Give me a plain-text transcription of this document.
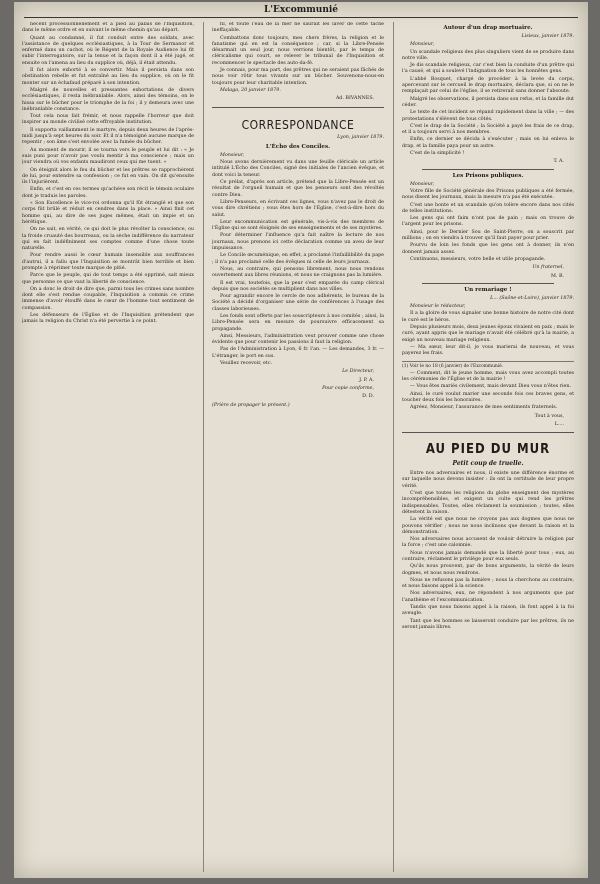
L'Excommunié

nécent processionnellement et à pied au palais de l'Inquisition, dans le même ordre et en suivant le même chemin qu'au départ.

Quant au condamné, il fut conduit entre des soldats, avec l'assistance de quelques ecclésiastiques, à la Tour de Sermanor et enfermé dans un cachot, où le Régent de la Royale Audience lui fit subir l'interrogatoire, sur la tenue et la façon dont il a été jugé, et ensuite on l'amena au lieu du supplice où, déjà, il était attendu.

Il fut alors exhorté à se convertir. Mais il persista dans son obstination rebelle et fut entraîné au lieu du supplice, où on le fit monter sur un échafaud préparé à son intention.

Malgré de nouvelles et pressantes exhortations de divers ecclésiastiques, il resta inébranlable. Alors, ainsi des témoins, on le hissa sur le bûcher pour le triomphe de la foi ; il y demeura avec une inébranlable constance.

Tout cela nous fait frémir, et nous rappelle l'horreur que doit inspirer au monde civilisé cette effroyable institution.

Il supporta vaillamment le martyre, depuis deux heures de l'après-midi jusqu'à sept heures du soir. Et il n'a témoigné aucune marque de repentir ; son âme s'est envolée avec la fumée du bûcher.

Au moment de mourir, il se tourna vers le peuple et lui dit : « Je suis puni pour n'avoir pas voulu mentir à ma conscience ; mais un jour viendra où vos enfants maudiront ceux qui me tuent. »

On éteignit alors le feu du bûcher et les prêtres se rapprochèrent de lui, pour entendre sa confession ; ce fut en vain. On dit qu'ensuite ils l'injurièrent.

Enfin, et c'est en ces termes qu'achève son récit le témoin oculaire dont je traduis les paroles.

« Son Excellence le vice-roi ordonna qu'il fût étranglé et que son corps fût brûlé et réduit en cendres dans la place. » Ainsi finit cet homme qui, au dire de ses juges mêmes, était un impie et un hérétique.

On ne sait, en vérité, ce qui doit le plus révolter la conscience, ou la froide cruauté des bourreaux, ou la sèche indifférence du narrateur qui en fait indéfiniment ses comptes comme d'une chose toute naturelle.

Pour rendre aussi le cœur humain insensible aux souffrances d'autrui, il a fallu que l'Inquisition se montrât bien terrible et bien prompte à réprimer toute marque de pitié.

Parce que le peuple, qui de tout temps a été opprimé, sait mieux que personne ce que vaut la liberté de conscience.

On a donc le droit de dire que, parmi tous les crimes sans nombre dont elle s'est rendue coupable, l'Inquisition a commis ce crime immense d'avoir étouffé dans le cœur de l'homme tout sentiment de compassion.

Les défenseurs de l'Église et de l'Inquisition prétendent que jamais la religion du Christ n'a été pervertie à ce point.

fil, et toute l'eau de la mer ne saurait les laver de cette tache ineffaçable.

Combattons donc toujours, mes chers frères, la religion et le fanatisme qui en est la conséquence ; car, si la Libre-Pensée désarmait un seul jour, nous verrions bientôt, par le temps de cléricalisme qui court, se relever le tribunal de l'Inquisition et recommencer le spectacle des auto-da-fé.

Je connais, pour ma part, des prêtres qui ne seraient pas fâchés de nous voir rôtir tous vivants sur un bûcher. Souvenons-nous-en toujours pour leur charitable intention.

Malaga, 20 janvier 1879.

Ad. BIVANNES.

CORRESPONDANCE
Lyon, janvier 1879.
L'Écho des Conciles.

Monsieur,

Nous avons dernièrement vu dans une feuille cléricale un article intitulé L'Écho des Conciles, signé des initiales de l'ancien évêque, et dont voici la teneur.

Ce prélat, d'après son article, prétend que la Libre-Pensée est un résultat de l'orgueil humain et que les penseurs sont des révoltés contre Dieu.

Libre-Penseurs, en écrivant ces lignes, vous n'avez pas le droit de vous dire chrétiens ; vous êtes hors de l'Église, c'est-à-dire hors du salut.

Leur excommunication est générale, vis-à-vis des membres de l'Église qui se sont éloignés de ses enseignements et de ses mystères.

Pour déterminer l'influence qu'a fait naître la lecture de nos journaux, nous prenons ici cette déclaration comme un aveu de leur impuissance.

Le Concile œcuménique, en effet, a proclamé l'infaillibilité du pape ; il n'a pas proclamé celle des évêques ni celle de leurs journaux.

Nous, au contraire, qui pensons librement, nous nous rendons ouvertement aux libres réunions, et nous ne craignons pas la lumière.

Il est vrai, toutefois, que la peur s'est emparée du camp clérical depuis que nos sociétés se multiplient dans nos villes.

Pour agrandir encore le cercle de nos adhérents, le bureau de la Société a décidé d'organiser une série de conférences à l'usage des classes laborieuses.

Les fonds sont offerts par les souscripteurs à nos comités ; ainsi, la Libre-Pensée sera en mesure de poursuivre efficacement sa propagande.

Ainsi, Messieurs, l'administration veut prouver comme une chose évidente que pour contenir les passions il faut la religion.

Pas de l'Administration à Lyon, 6 fr. l'an. — Les demandes, 3 fr. — L'étranger, le port en sus.

Veuillez recevoir, etc.

Le Directeur,

J. P. A.

Pour copie conforme,

D. D.

(Prière de propager le présent.)

Autour d'un drap mortuaire.
Lisieux, janvier 1879.

Monsieur,

Un scandale religieux des plus singuliers vient de se produire dans notre ville.

Je dis scandale religieux, car c'est bien la conduite d'un prêtre qui l'a causé, et qui a soulevé l'indignation de tous les honnêtes gens.

L'abbé Bosquet, chargé de procéder à la levée du corps, apercevant sur le cercueil le drap mortuaire, déclara que, si on ne le remplaçait par celui de l'église, il se retirerait sans donner l'absoute.

Malgré les observations, il persista dans son refus, et la famille dut céder.

Le texte de cet incident se répand rapidement dans la ville ; — des protestations s'élèvent de tous côtés.

C'est le drap de la Société ; la Société a payé les frais de ce drap, et il a toujours servi à nos membres.

Enfin, ce dernier se décida à s'exécuter ; mais on lui enleva le drap, et la famille paya pour un autre.

C'est de la simplicité !

T. A.

Les Prisons publiques.

Monsieur,

Votre fille de Société générale des Prisons publiques a été fermée, nous disent les journaux, mais la mesure n'a pas été exécutée.

C'est une honte et un scandale qu'on tolère encore dans nos cités de telles institutions.

Les gens qui ont faim n'ont pas de pain ; mais on trouve de l'argent pour les prisons.

Ainsi, pour le Dernier Sou de Saint-Pierre, on a souscrit par millions ; on en viendra à trouver qu'il faut payer pour prier.

Pourvu de loin les fonds que les gens ont à donner, ils n'en donnent jamais assez.

Continuons, messieurs, votre belle et utile propagande.

Un fraternel,

M. B.

Un remariage !
L... (Saône-et-Loire), janvier 1879.

Monsieur le rédacteur,

Il a la gloire de vous signaler une bonne histoire de notre cité dont le curé est le héros.

Depuis plusieurs mois, deux jeunes époux vivaient en paix ; mais le curé, ayant appris que le mariage n'avait été célébré qu'à la mairie, a exigé un nouveau mariage religieux.

— Ma sœur, leur dit-il, je vous marierai de nouveau, et vous payerez les frais.

(1) Voir le no 18 (6 janvier) de l'Excommunié.

— Comment, dit le jeune homme, mais vous avez accompli toutes les cérémonies de l'Église et de la mairie !

— Vous êtes mariés civilement, mais devant Dieu vous n'êtes rien.

Ainsi, le curé voulut marier une seconde fois ces braves gens, et toucher deux fois les honoraires.

Agréez, Monsieur, l'assurance de mes sentiments fraternels.

Tout à vous,

L....

AU PIED DU MUR
Petit coup de truelle.

Entre nos adversaires et nous, il existe une différence énorme et sur laquelle nous devons insister : ils ont la certitude de leur propre vérité.

C'est que toutes les religions du globe enseignent des mystères incompréhensibles, et exigent un culte qui rend les prêtres indispensables. Toutes, elles réclament la soumission ; toutes, elles détestent la raison.

La vérité est que nous ne croyons pas aux dogmes que nous ne pouvons vérifier ; nous ne nous inclinons que devant la raison et la démonstration.

Nos adversaires nous accusent de vouloir détruire la religion par la force ; c'est une calomnie.

Nous n'avons jamais demandé que la liberté pour tous ; eux, au contraire, réclament le privilège pour eux seuls.

Qu'ils nous prouvent, par de bons arguments, la vérité de leurs dogmes, et nous nous rendrons.

Nous ne refusons pas la lumière ; nous la cherchons au contraire, et nous faisons appel à la science.

Nos adversaires, eux, ne répondent à nos arguments que par l'anathème et l'excommunication.

Tandis que nous faisons appel à la raison, ils font appel à la foi aveugle.

Tant que les hommes se laisseront conduire par les prêtres, ils ne seront jamais libres.
